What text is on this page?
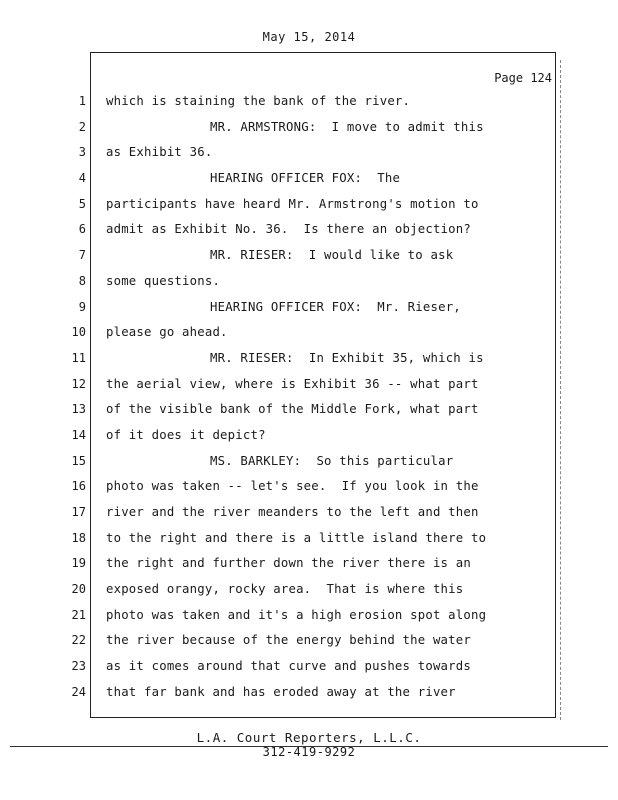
May 15, 2014
Page 124
1
2
3
4
5
6
7
8
9
10
11
12
13
14
15
16
17
18
19
20
21
22
23
24
which is staining the bank of the river.
MR. ARMSTRONG:  I move to admit this
as Exhibit 36.
HEARING OFFICER FOX:  The
participants have heard Mr. Armstrong's motion to
admit as Exhibit No. 36.  Is there an objection?
MR. RIESER:  I would like to ask
some questions.
HEARING OFFICER FOX:  Mr. Rieser,
please go ahead.
MR. RIESER:  In Exhibit 35, which is
the aerial view, where is Exhibit 36 -- what part
of the visible bank of the Middle Fork, what part
of it does it depict?
MS. BARKLEY:  So this particular
photo was taken -- let's see.  If you look in the
river and the river meanders to the left and then
to the right and there is a little island there to
the right and further down the river there is an
exposed orangy, rocky area.  That is where this
photo was taken and it's a high erosion spot along
the river because of the energy behind the water
as it comes around that curve and pushes towards
that far bank and has eroded away at the river
L.A. Court Reporters, L.L.C.
312-419-9292
